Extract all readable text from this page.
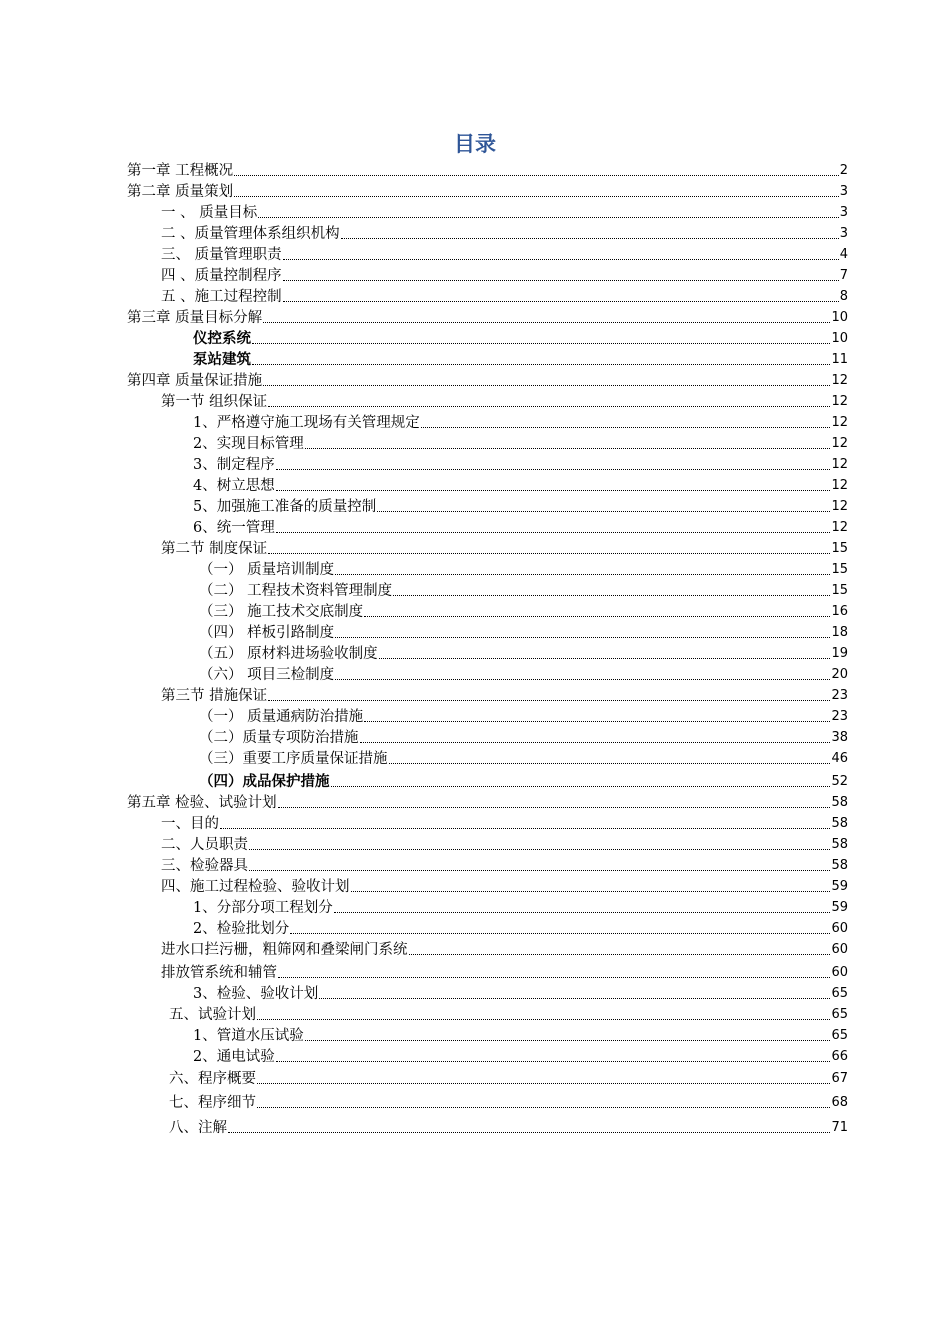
目录
第一章 工程概况	2
第二章 质量策划	3
一 、 质量目标	3
二 、质量管理体系组织机构	3
三、 质量管理职责	4
四 、质量控制程序	7
五 、施工过程控制	8
第三章 质量目标分解	10
仪控系统	10
泵站建筑	11
第四章 质量保证措施	12
第一节 组织保证	12
1、严格遵守施工现场有关管理规定	12
2、实现目标管理	12
3、制定程序	12
4、树立思想	12
5、加强施工准备的质量控制	12
6、统一管理	12
第二节 制度保证	15
（一） 质量培训制度	15
（二） 工程技术资料管理制度	15
（三） 施工技术交底制度	16
（四） 样板引路制度	18
（五） 原材料进场验收制度	19
（六） 项目三检制度	20
第三节 措施保证	23
（一） 质量通病防治措施	23
（二）质量专项防治措施	38
（三）重要工序质量保证措施	46
（四）成品保护措施	52
第五章 检验、试验计划	58
一、目的	58
二、人员职责	58
三、检验器具	58
四、施工过程检验、验收计划	59
1、分部分项工程划分	59
2、检验批划分	60
进水口拦污栅，粗筛网和叠梁闸门系统	60
排放管系统和辅管	60
3、检验、验收计划	65
五、试验计划	65
1、管道水压试验	65
2、通电试验	66
六、程序概要	67
七、程序细节	68
八、注解	71
